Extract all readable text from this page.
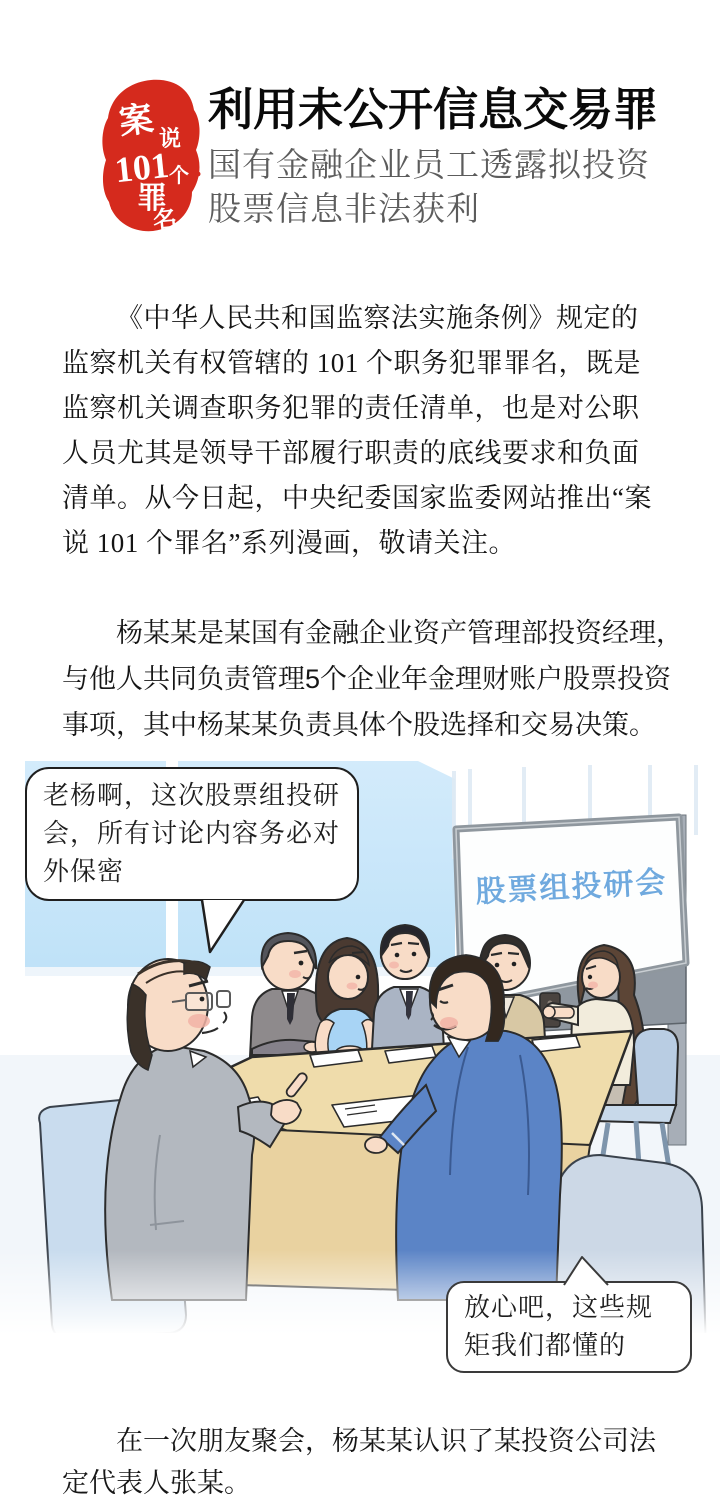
案 说
101
个
罪
名
利用未公开信息交易罪
国有金融企业员工透露拟投资
股票信息非法获利

《中华人民共和国监察法实施条例》规定的监察机关有权管辖的 101 个职务犯罪罪名，既是监察机关调查职务犯罪的责任清单，也是对公职人员尤其是领导干部履行职责的底线要求和负面清单。从今日起，中央纪委国家监委网站推出“案说 101 个罪名”系列漫画，敬请关注。

杨某某是某国有金融企业资产管理部投资经理，与他人共同负责管理5个企业年金理财账户股票投资事项，其中杨某某负责具体个股选择和交易决策。

在一次朋友聚会，杨某某认识了某投资公司法定代表人张某。

股票组投研会
老杨啊，这次股票组投研会，所有讨论内容务必对外保密
放心吧，这些规矩我们都懂的
